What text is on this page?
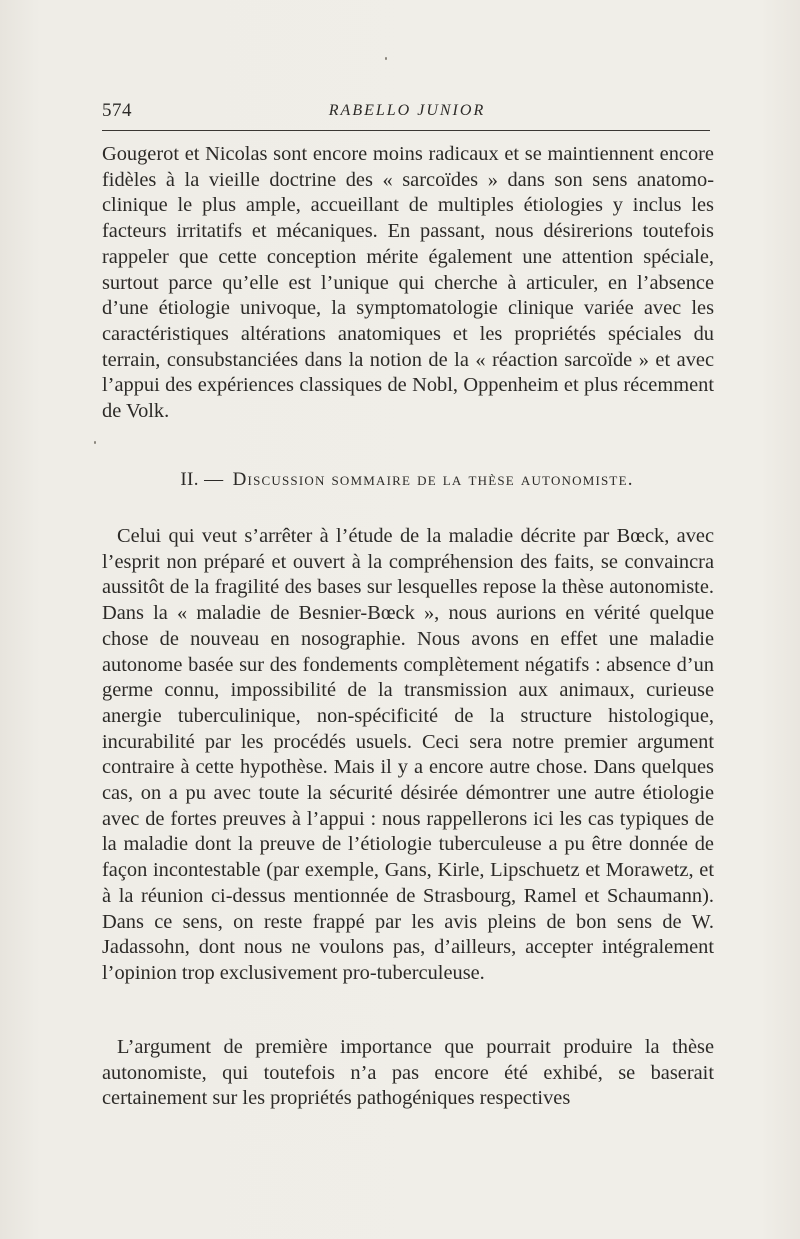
574	RABELLO JUNIOR

Gougerot et Nicolas sont encore moins radicaux et se maintiennent encore fidèles à la vieille doctrine des « sarcoïdes » dans son sens anatomo-clinique le plus ample, accueillant de multiples étiologies y inclus les facteurs irritatifs et mécaniques. En passant, nous désirerions toutefois rappeler que cette conception mérite également une attention spéciale, surtout parce qu’elle est l’unique qui cherche à articuler, en l’absence d’une étiologie univoque, la symptomatologie clinique variée avec les caractéristiques altérations anatomiques et les propriétés spéciales du terrain, consubstanciées dans la notion de la « réaction sarcoïde » et avec l’appui des expériences classiques de Nobl, Oppenheim et plus récemment de Volk.

II. — Discussion sommaire de la thèse autonomiste.

Celui qui veut s’arrêter à l’étude de la maladie décrite par Bœck, avec l’esprit non préparé et ouvert à la compréhension des faits, se convaincra aussitôt de la fragilité des bases sur lesquelles repose la thèse autonomiste. Dans la « maladie de Besnier-Bœck », nous aurions en vérité quelque chose de nouveau en nosographie. Nous avons en effet une maladie autonome basée sur des fondements complètement négatifs : absence d’un germe connu, impossibilité de la transmission aux animaux, curieuse anergie tuberculinique, non-spécificité de la structure histologique, incurabilité par les procédés usuels. Ceci sera notre premier argument contraire à cette hypothèse. Mais il y a encore autre chose. Dans quelques cas, on a pu avec toute la sécurité désirée démontrer une autre étiologie avec de fortes preuves à l’appui : nous rappellerons ici les cas typiques de la maladie dont la preuve de l’étiologie tuberculeuse a pu être donnée de façon incontestable (par exemple, Gans, Kirle, Lipschuetz et Morawetz, et à la réunion ci-dessus mentionnée de Strasbourg, Ramel et Schaumann). Dans ce sens, on reste frappé par les avis pleins de bon sens de W. Jadassohn, dont nous ne voulons pas, d’ailleurs, accepter intégralement l’opinion trop exclusivement pro-tuberculeuse.

L’argument de première importance que pourrait produire la thèse autonomiste, qui toutefois n’a pas encore été exhibé, se baserait certainement sur les propriétés pathogéniques respectives
